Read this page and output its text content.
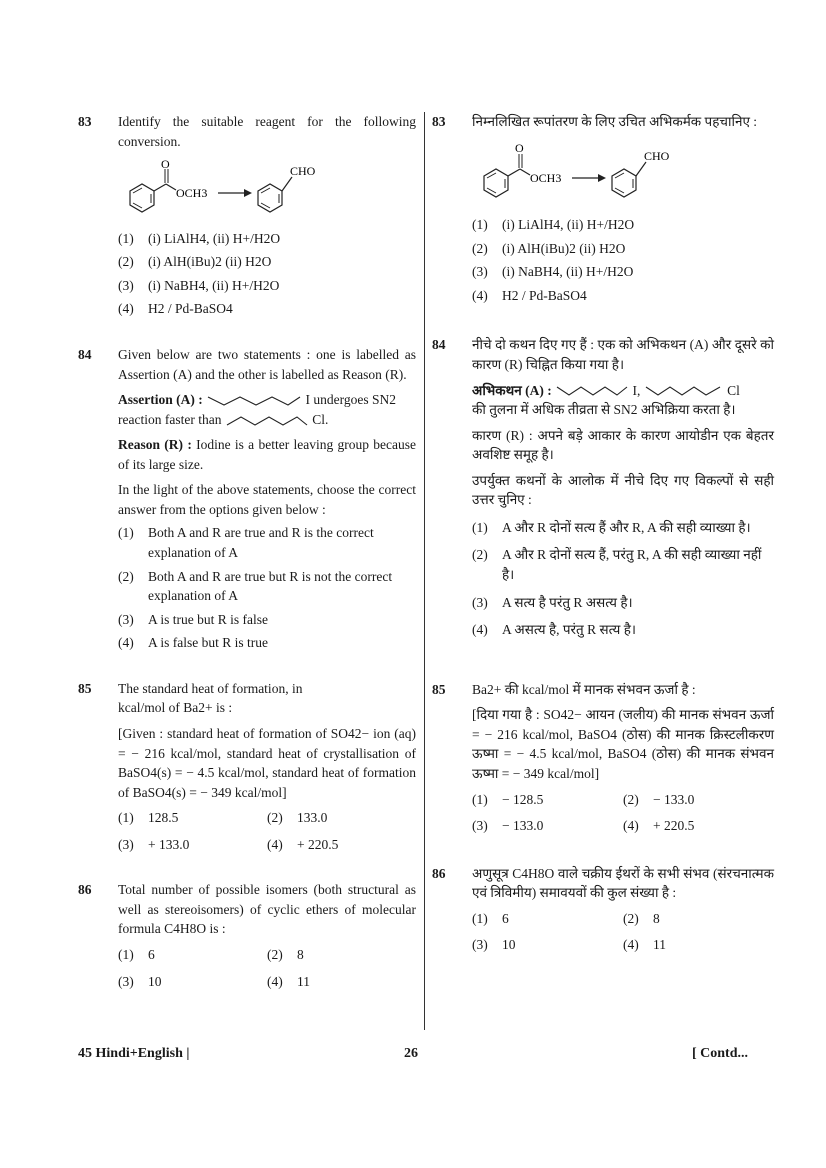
83 Identify the suitable reagent for the following conversion.
O
OCH3
CHO
(1)	(i) LiAlH4, (ii) H+/H2O
(2)	(i) AlH(iBu)2 (ii) H2O
(3)	(i) NaBH4, (ii) H+/H2O
(4)	H2 / Pd-BaSO4
84 Given below are two statements : one is labelled as Assertion (A) and the other is labelled as Reason (R).
Assertion (A) :	I undergoes SN2
reaction faster than	Cl.
Reason (R) : Iodine is a better leaving group because of its large size.
In the light of the above statements, choose the correct answer from the options given below :
(1)	Both A and R are true and R is the correct explanation of A
(2)	Both A and R are true but R is not the correct explanation of A
(3)	A is true but R is false
(4)	A is false but R is true
85 The standard heat of formation, in
kcal/mol of Ba2+ is :
[Given : standard heat of formation of SO42− ion (aq) = − 216 kcal/mol, standard heat of crystallisation of BaSO4(s) = − 4.5 kcal/mol, standard heat of formation of BaSO4(s) = − 349 kcal/mol]
(1)	128.5	(2)	133.0
(3)	+ 133.0	(4)	+ 220.5
86 Total number of possible isomers (both structural as well as stereoisomers) of cyclic ethers of molecular formula C4H8O is :
(1)	6	(2)	8
(3)	10	(4)	11
83 निम्नलिखित रूपांतरण के लिए उचित अभिकर्मक पहचानिए :
O
OCH3
CHO
(1)	(i) LiAlH4, (ii) H+/H2O
(2)	(i) AlH(iBu)2 (ii) H2O
(3)	(i) NaBH4, (ii) H+/H2O
(4)	H2 / Pd-BaSO4
84 नीचे दो कथन दिए गए हैं : एक को अभिकथन (A) और दूसरे को कारण (R) चिह्नित किया गया है।
अभिकथन (A) :	I,	Cl
की तुलना में अधिक तीव्रता से SN2 अभिक्रिया करता है।
कारण (R) : अपने बड़े आकार के कारण आयोडीन एक बेहतर अवशिष्ट समूह है।
उपर्युक्त कथनों के आलोक में नीचे दिए गए विकल्पों से सही उत्तर चुनिए :
(1)	A और R दोनों सत्य हैं और R, A की सही व्याख्या है।
(2)	A और R दोनों सत्य हैं, परंतु R, A की सही व्याख्या नहीं है।
(3)	A सत्य है परंतु R असत्य है।
(4)	A असत्य है, परंतु R सत्य है।
85 Ba2+ की kcal/mol में मानक संभवन ऊर्जा है :
[दिया गया है : SO42− आयन (जलीय) की मानक संभवन ऊर्जा = − 216 kcal/mol, BaSO4 (ठोस) की मानक क्रिस्टलीकरण ऊष्मा = − 4.5 kcal/mol, BaSO4 (ठोस) की मानक संभवन ऊष्मा = − 349 kcal/mol]
(1)	− 128.5	(2)	− 133.0
(3)	− 133.0	(4)	+ 220.5
86 अणुसूत्र C4H8O वाले चक्रीय ईथरों के सभी संभव (संरचनात्मक एवं त्रिविमीय) समावयवों की कुल संख्या है :
(1)	6	(2)	8
(3)	10	(4)	11
45 Hindi+English |	26	[ Contd...
